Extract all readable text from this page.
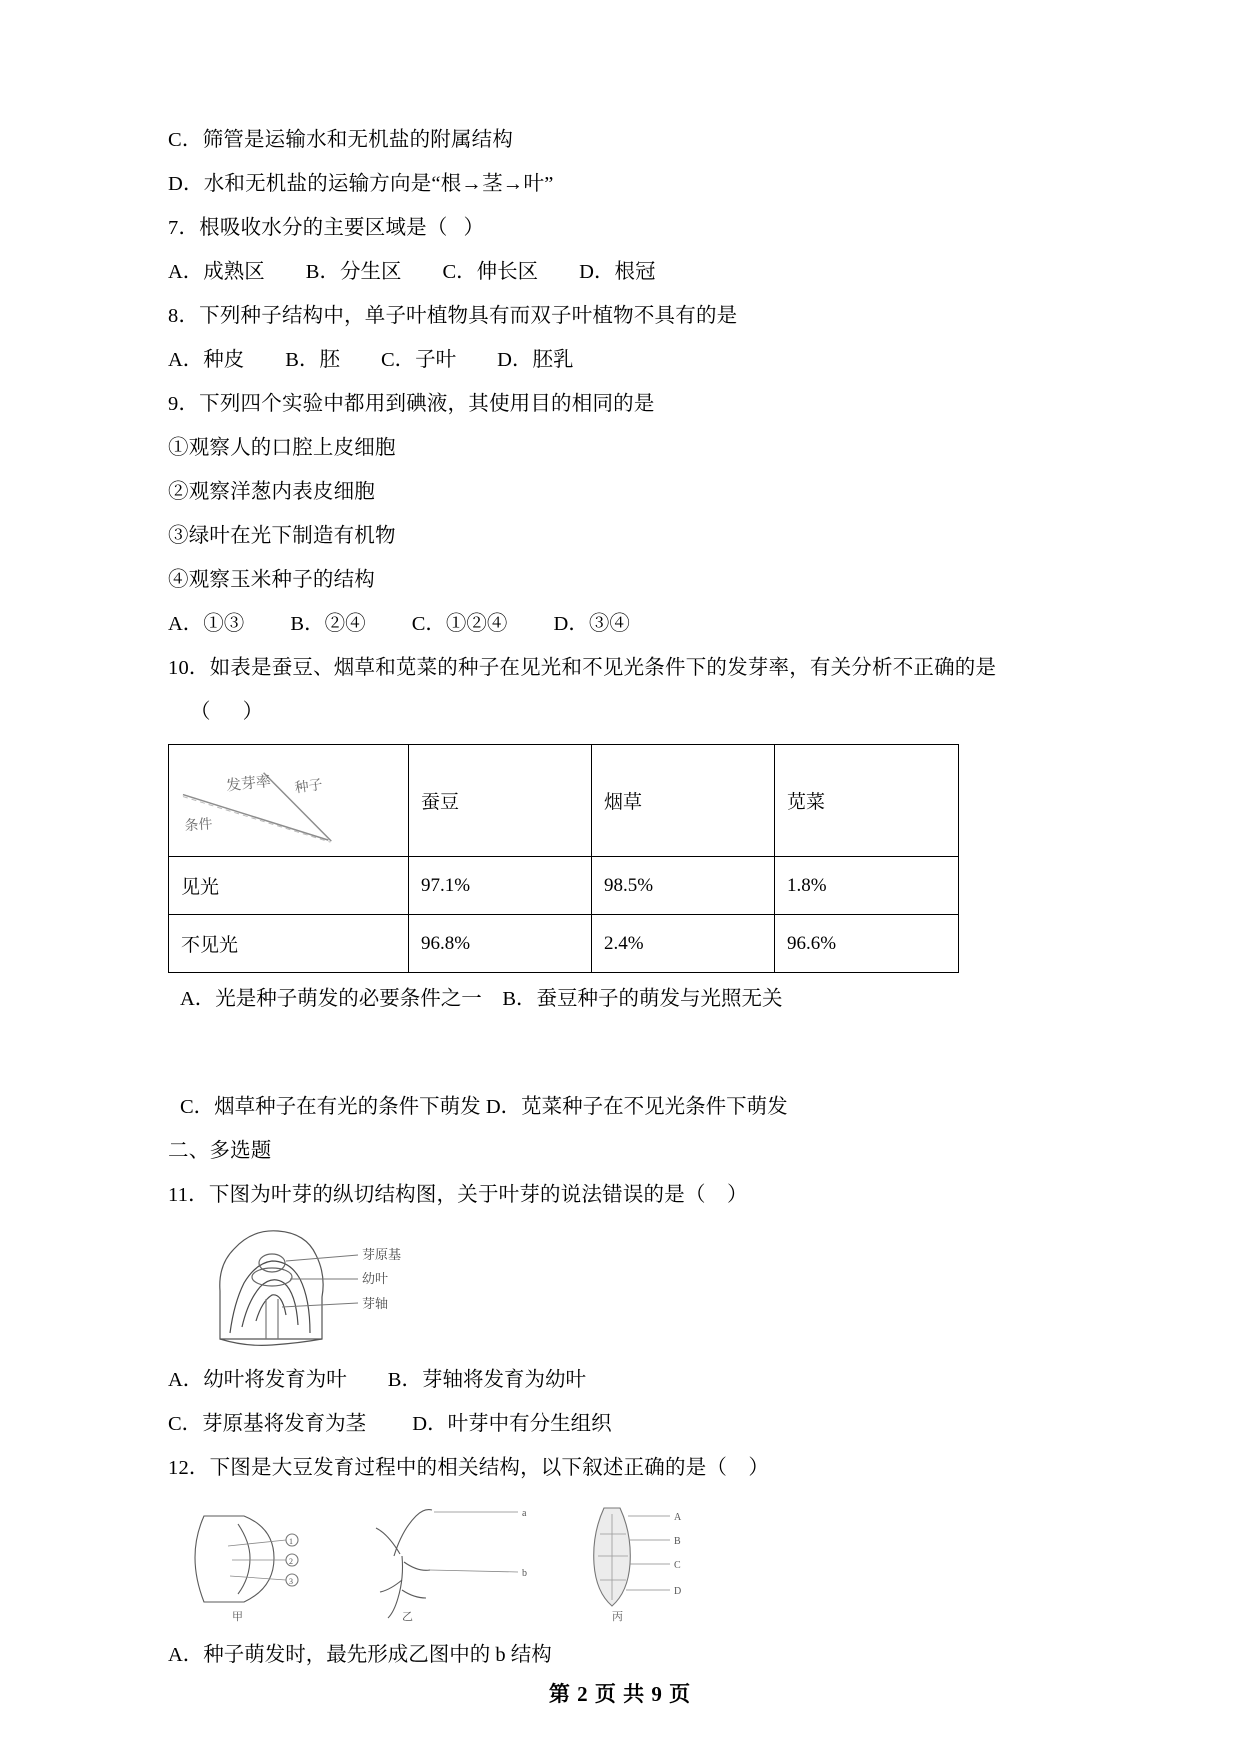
C．筛管是运输水和无机盐的附属结构
D．水和无机盐的运输方向是“根→茎→叶”
7．根吸收水分的主要区域是（   ）
A．成熟区        B．分生区        C．伸长区        D．根冠
8．下列种子结构中，单子叶植物具有而双子叶植物不具有的是
A．种皮        B．胚        C．子叶        D．胚乳
9．下列四个实验中都用到碘液，其使用目的相同的是
①观察人的口腔上皮细胞
②观察洋葱内表皮细胞
③绿叶在光下制造有机物
④观察玉米种子的结构
A．①③         B．②④         C．①②④         D．③④
10．如表是蚕豆、烟草和苋菜的种子在见光和不见光条件下的发芽率，有关分析不正确的是
（      ）
发芽率 种子
条件	蚕豆	烟草	苋菜
见光	97.1%	98.5%	1.8%
不见光	96.8%	2.4%	96.6%
A．光是种子萌发的必要条件之一 B．蚕豆种子的萌发与光照无关
C．烟草种子在有光的条件下萌发 D．苋菜种子在不见光条件下萌发
二、多选题
11．下图为叶芽的纵切结构图，关于叶芽的说法错误的是（    ）
芽原基
幼叶
芽轴
A．幼叶将发育为叶        B．芽轴将发育为幼叶
C．芽原基将发育为茎         D．叶芽中有分生组织
12．下图是大豆发育过程中的相关结构，以下叙述正确的是（    ）
1
2
3
甲
a
b
乙
A
B
C
D
丙
A．种子萌发时，最先形成乙图中的 b 结构
第 2 页 共 9 页
